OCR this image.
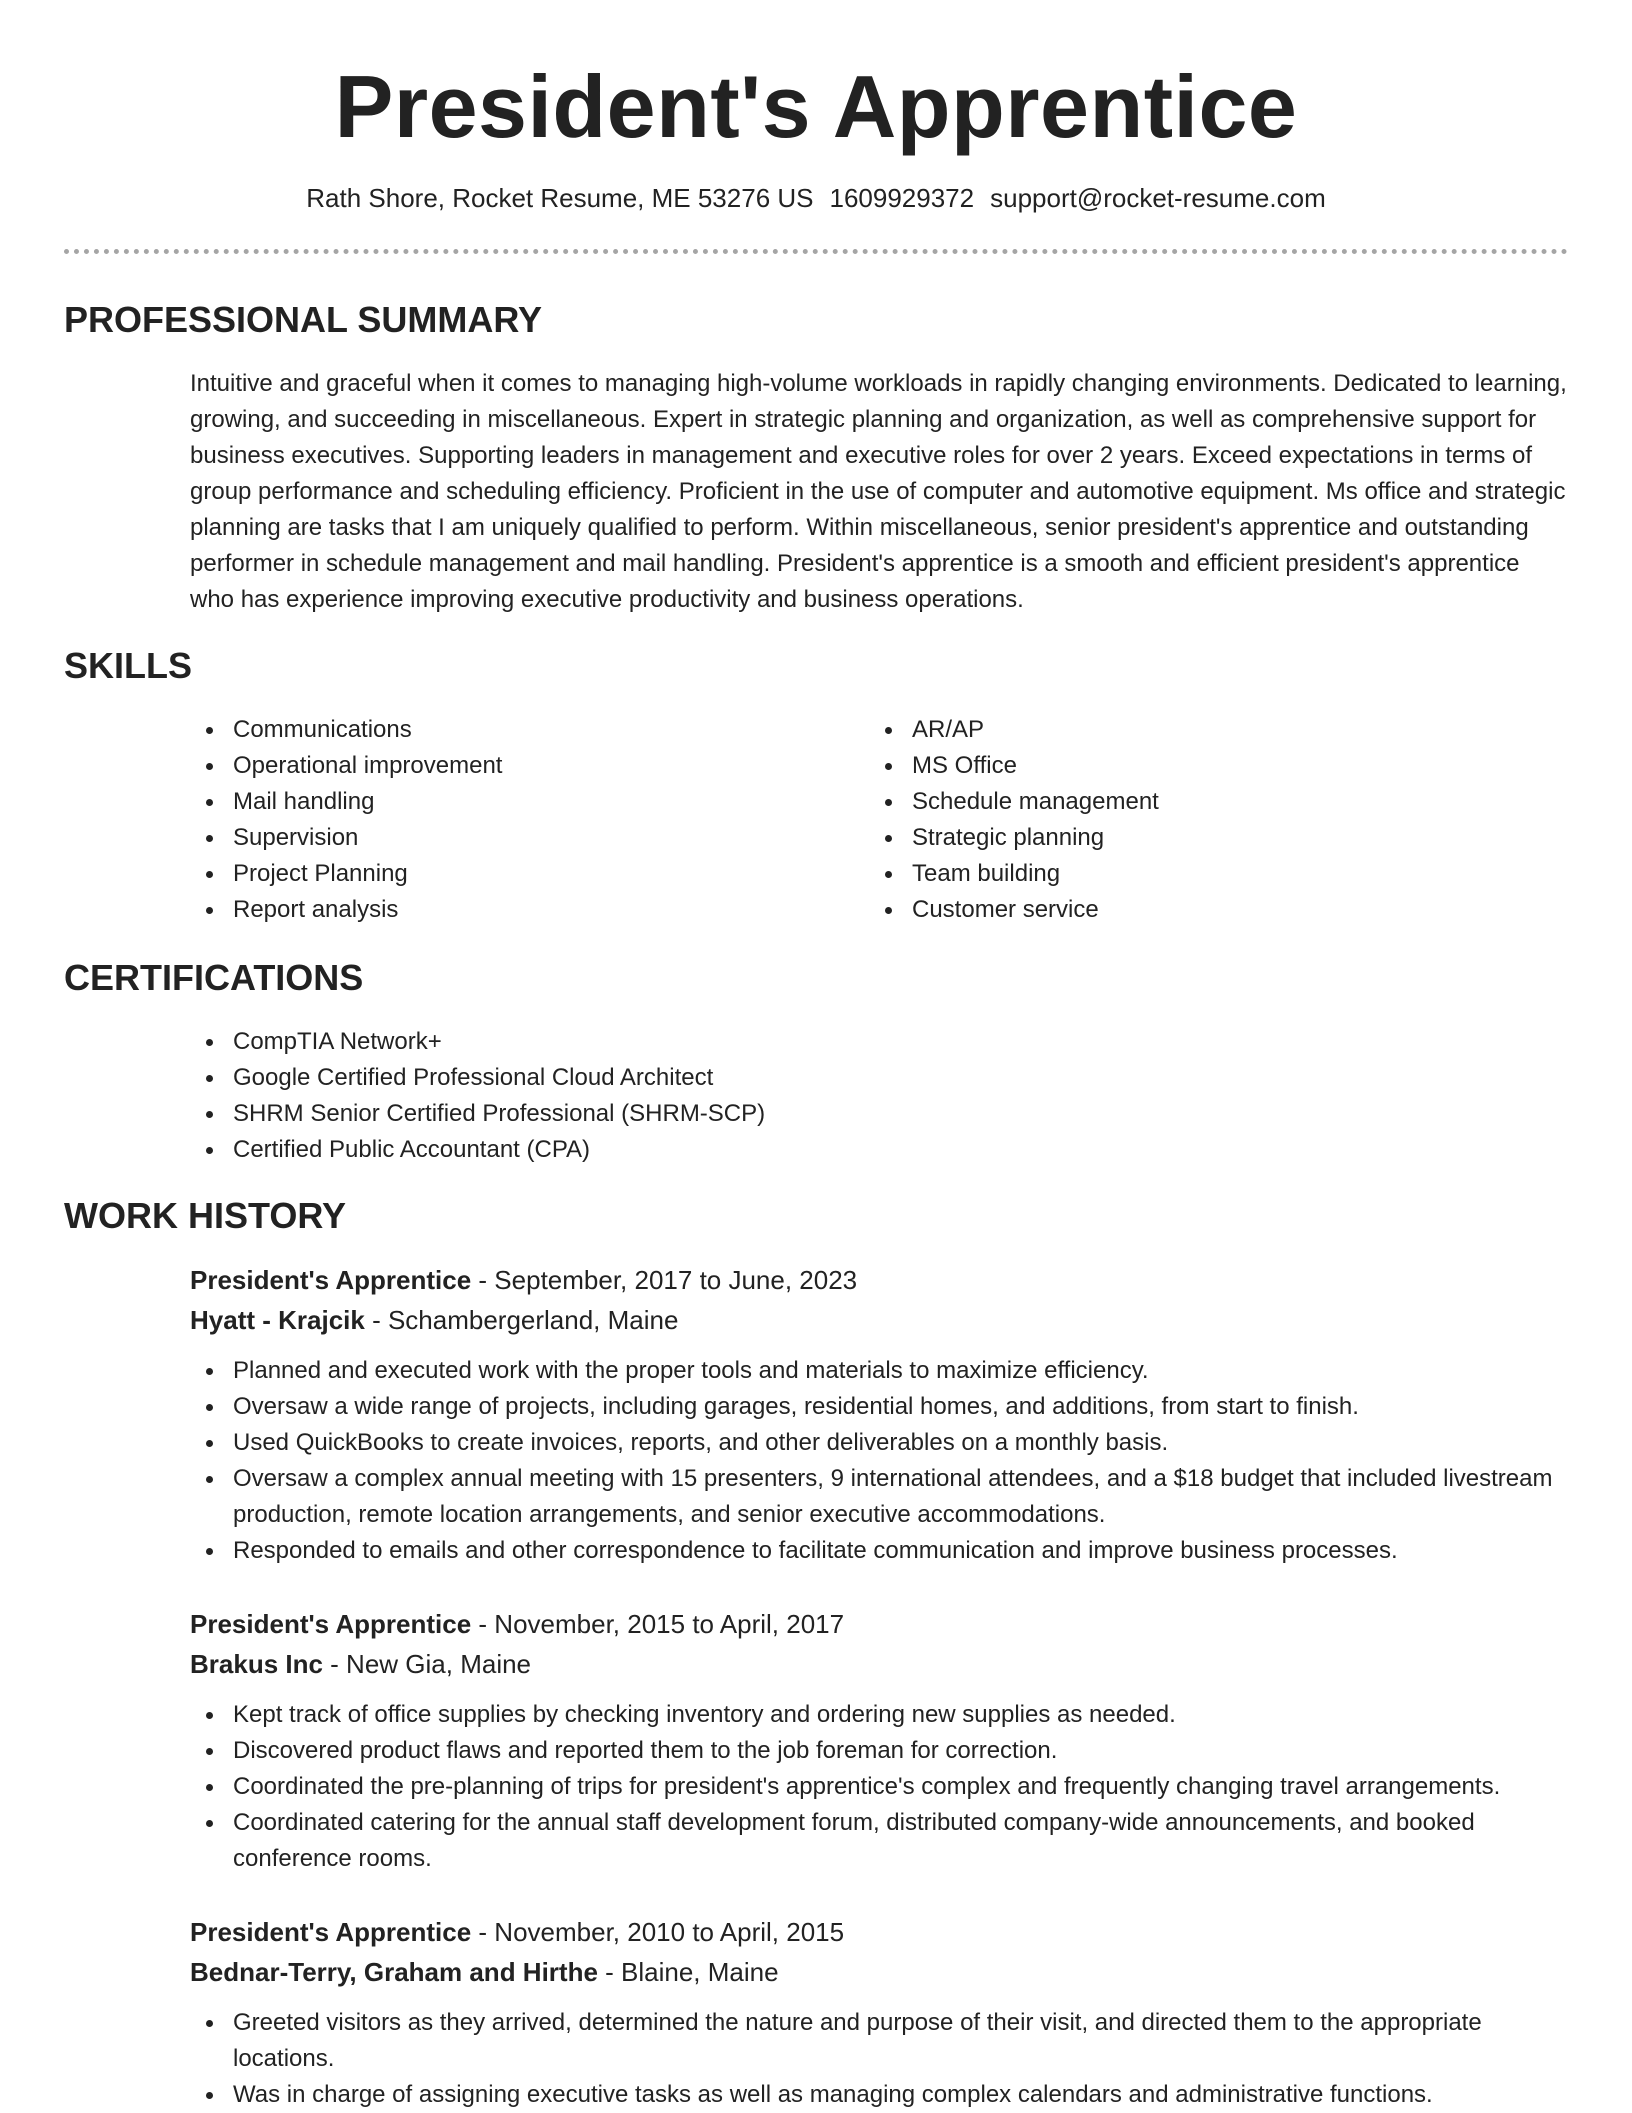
President's Apprentice
Rath Shore, Rocket Resume, ME 53276 US 1609929372 support@rocket-resume.com
PROFESSIONAL SUMMARY

Intuitive and graceful when it comes to managing high-volume workloads in rapidly changing environments. Dedicated to learning, growing, and succeeding in miscellaneous. Expert in strategic planning and organization, as well as comprehensive support for business executives. Supporting leaders in management and executive roles for over 2 years. Exceed expectations in terms of group performance and scheduling efficiency. Proficient in the use of computer and automotive equipment. Ms office and strategic planning are tasks that I am uniquely qualified to perform. Within miscellaneous, senior president's apprentice and outstanding performer in schedule management and mail handling. President's apprentice is a smooth and efficient president's apprentice who has experience improving executive productivity and business operations.

SKILLS
Communications
Operational improvement
Mail handling
Supervision
Project Planning
Report analysis
AR/AP
MS Office
Schedule management
Strategic planning
Team building
Customer service
CERTIFICATIONS
CompTIA Network+
Google Certified Professional Cloud Architect
SHRM Senior Certified Professional (SHRM-SCP)
Certified Public Accountant (CPA)
WORK HISTORY
President's Apprentice - September, 2017 to June, 2023
Hyatt - Krajcik - Schambergerland, Maine
Planned and executed work with the proper tools and materials to maximize efficiency.
Oversaw a wide range of projects, including garages, residential homes, and additions, from start to finish.
Used QuickBooks to create invoices, reports, and other deliverables on a monthly basis.
Oversaw a complex annual meeting with 15 presenters, 9 international attendees, and a $18 budget that included livestream production, remote location arrangements, and senior executive accommodations.
Responded to emails and other correspondence to facilitate communication and improve business processes.
President's Apprentice - November, 2015 to April, 2017
Brakus Inc - New Gia, Maine
Kept track of office supplies by checking inventory and ordering new supplies as needed.
Discovered product flaws and reported them to the job foreman for correction.
Coordinated the pre-planning of trips for president's apprentice's complex and frequently changing travel arrangements.
Coordinated catering for the annual staff development forum, distributed company-wide announcements, and booked conference rooms.
President's Apprentice - November, 2010 to April, 2015
Bednar-Terry, Graham and Hirthe - Blaine, Maine
Greeted visitors as they arrived, determined the nature and purpose of their visit, and directed them to the appropriate locations.
Was in charge of assigning executive tasks as well as managing complex calendars and administrative functions.
